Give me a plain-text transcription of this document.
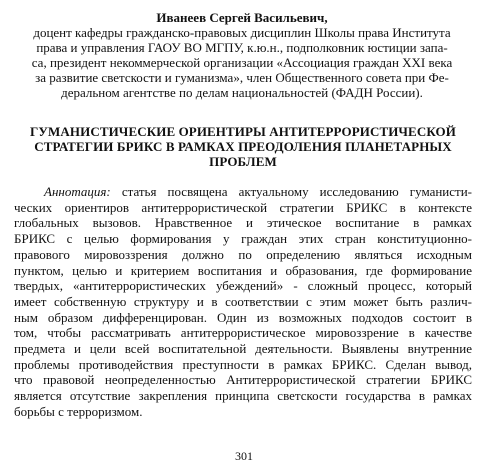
Иванеев Сергей Васильевич,
доцент кафедры гражданско-правовых дисциплин Школы права Института
права и управления ГАОУ ВО МГПУ, к.ю.н., подполковник юстиции запа-
са, президент некоммерческой организации «Ассоциация граждан XXI века
за развитие светскости и гуманизма», член Общественного совета при Фе-
деральном агентстве по делам национальностей (ФАДН России).
ГУМАНИСТИЧЕСКИЕ ОРИЕНТИРЫ АНТИТЕРРОРИСТИЧЕСКОЙ
СТРАТЕГИИ БРИКС В РАМКАХ ПРЕОДОЛЕНИЯ ПЛАНЕТАРНЫХ
ПРОБЛЕМ
Аннотация: статья посвящена актуальному исследованию гуманисти-
ческих ориентиров антитеррористической стратегии БРИКС в контексте
глобальных вызовов. Нравственное и этическое воспитание в рамках
БРИКС с целью формирования у граждан этих стран конституционно-
правового мировоззрения должно по определению являться исходным
пунктом, целью и критерием воспитания и образования, где формирование
твердых, «антитеррористических убеждений» - сложный процесс, который
имеет собственную структуру и в соответствии с этим может быть различ-
ным образом дифференцирован. Один из возможных подходов состоит в
том, чтобы рассматривать антитеррористическое мировоззрение в качестве
предмета и цели всей воспитательной деятельности. Выявлены внутренние
проблемы противодействия преступности в рамках БРИКС. Сделан вывод,
что правовой неопределенностью Антитеррористической стратегии БРИКС
является отсутствие закрепления принципа светскости государства в рамках
борьбы с терроризмом.
301
